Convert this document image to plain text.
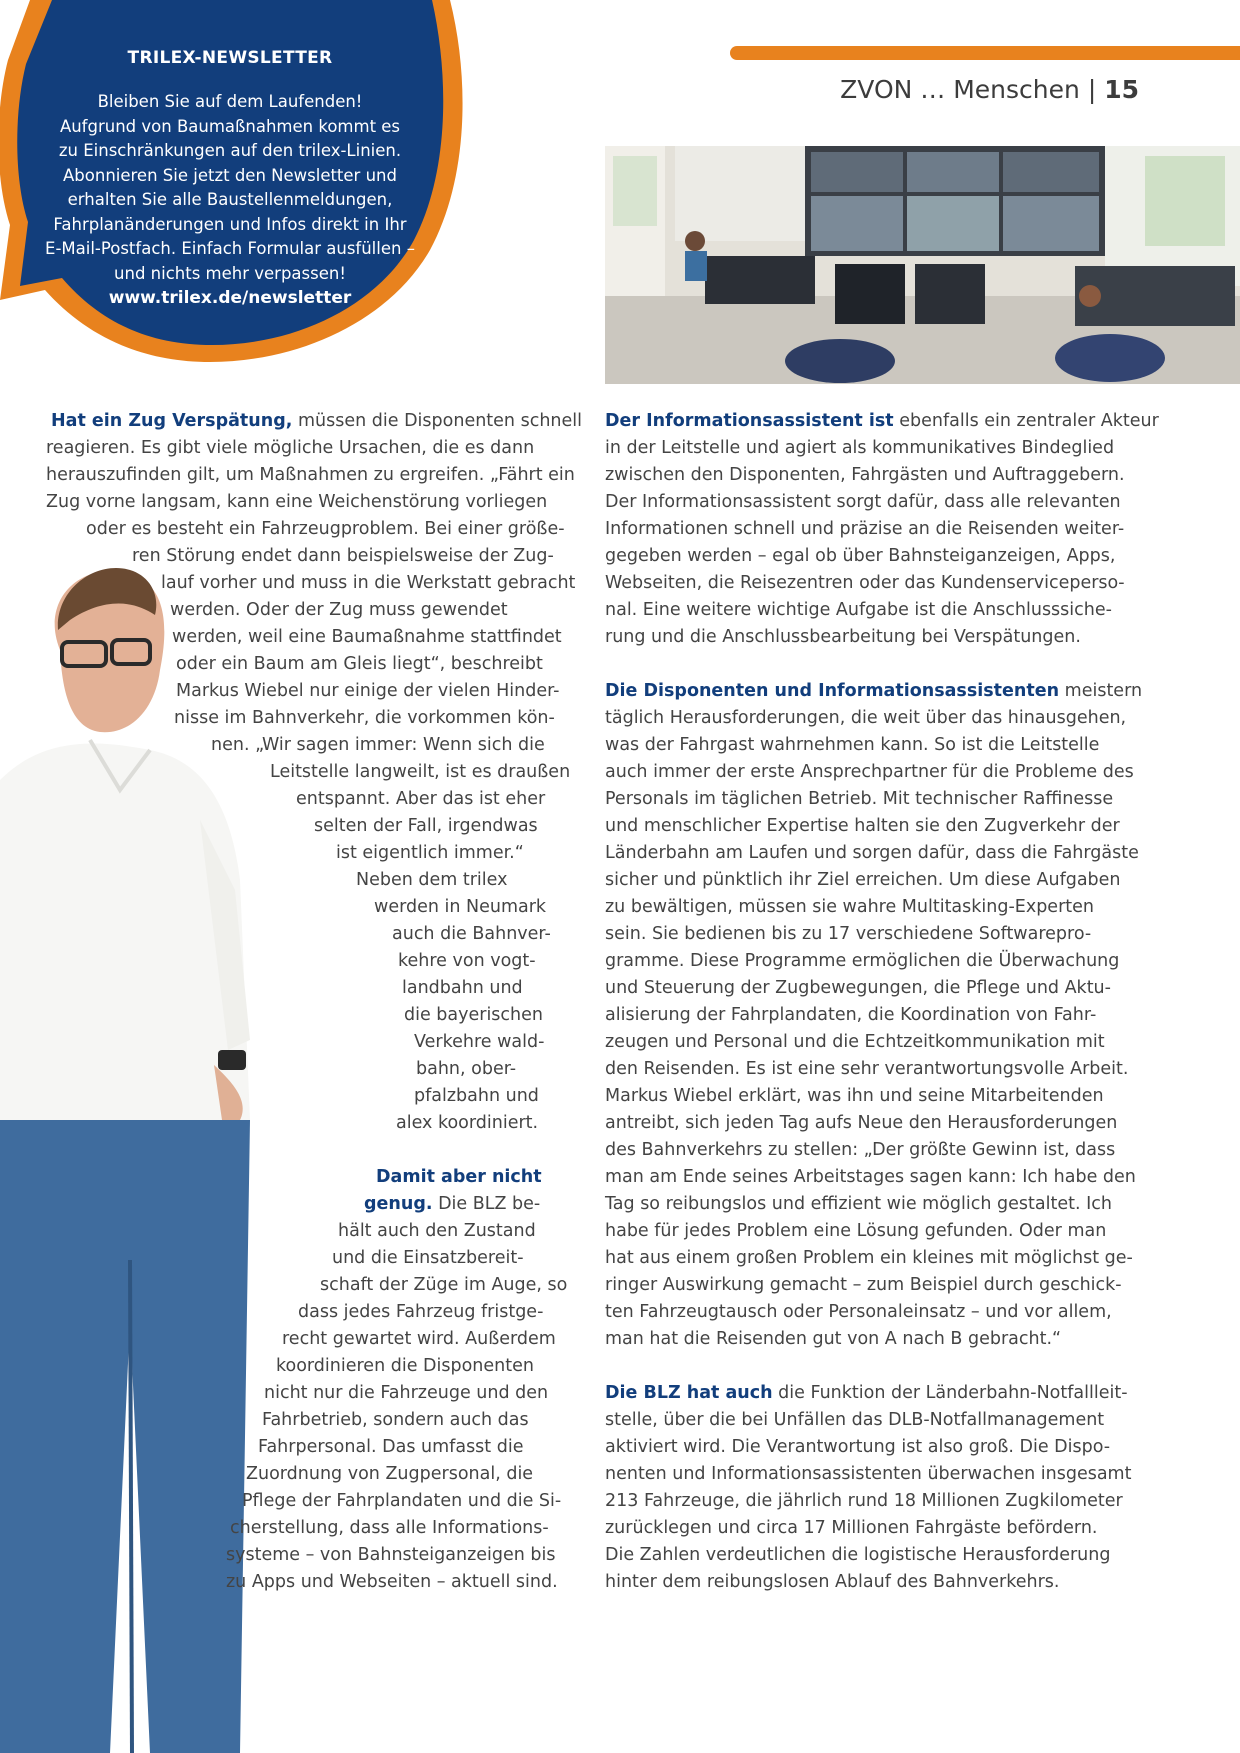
TRILEX-NEWSLETTER
Bleiben Sie auf dem Laufenden!
Aufgrund von Baumaßnahmen kommt es
zu Einschränkungen auf den trilex-Linien.
Abonnieren Sie jetzt den Newsletter und
erhalten Sie alle Baustellenmeldungen,
Fahrplanänderungen und Infos direkt in Ihr
E-Mail-Postfach. Einfach Formular ausfüllen –
und nichts mehr verpassen!
www.trilex.de/newsletter
ZVON … Menschen | 15

Hat ein Zug Verspätung, müssen die Disponenten schnell
reagieren. Es gibt viele mögliche Ursachen, die es dann
herauszufinden gilt, um Maßnahmen zu ergreifen. „Fährt ein
Zug vorne langsam, kann eine Weichenstörung vorliegen
oder es besteht ein Fahrzeugproblem. Bei einer größe-
ren Störung endet dann beispielsweise der Zug-
lauf vorher und muss in die Werkstatt gebracht
werden. Oder der Zug muss gewendet
werden, weil eine Baumaßnahme stattfindet
oder ein Baum am Gleis liegt“, beschreibt
Markus Wiebel nur einige der vielen Hinder-
nisse im Bahnverkehr, die vorkommen kön-
nen. „Wir sagen immer: Wenn sich die
Leitstelle langweilt, ist es draußen
entspannt. Aber das ist eher
selten der Fall, irgendwas
ist eigentlich immer.“
Neben dem trilex
werden in Neumark
auch die Bahnver-
kehre von vogt-
landbahn und
die bayerischen
Verkehre wald-
bahn, ober-
pfalzbahn und
alex koordiniert.

Damit aber nicht
genug. Die BLZ be-
hält auch den Zustand
und die Einsatzbereit-
schaft der Züge im Auge, so
dass jedes Fahrzeug fristge-
recht gewartet wird. Außerdem
koordinieren die Disponenten
nicht nur die Fahrzeuge und den
Fahrbetrieb, sondern auch das
Fahrpersonal. Das umfasst die
Zuordnung von Zugpersonal, die
Pflege der Fahrplandaten und die Si-
cherstellung, dass alle Informations-
systeme – von Bahnsteiganzeigen bis
zu Apps und Webseiten – aktuell sind.

Der Informationsassistent ist ebenfalls ein zentraler Akteur
in der Leitstelle und agiert als kommunikatives Bindeglied
zwischen den Disponenten, Fahrgästen und Auftraggebern.
Der Informationsassistent sorgt dafür, dass alle relevanten
Informationen schnell und präzise an die Reisenden weiter-
gegeben werden – egal ob über Bahnsteiganzeigen, Apps,
Webseiten, die Reisezentren oder das Kundenservicepersо-
nal. Eine weitere wichtige Aufgabe ist die Anschlusssiche-
rung und die Anschlussbearbeitung bei Verspätungen.

Die Disponenten und Informationsassistenten meistern
täglich Herausforderungen, die weit über das hinausgehen,
was der Fahrgast wahrnehmen kann. So ist die Leitstelle
auch immer der erste Ansprechpartner für die Probleme des
Personals im täglichen Betrieb. Mit technischer Raffinesse
und menschlicher Expertise halten sie den Zugverkehr der
Länderbahn am Laufen und sorgen dafür, dass die Fahrgäste
sicher und pünktlich ihr Ziel erreichen. Um diese Aufgaben
zu bewältigen, müssen sie wahre Multitasking-Experten
sein. Sie bedienen bis zu 17 verschiedene Softwarepro-
gramme. Diese Programme ermöglichen die Überwachung
und Steuerung der Zugbewegungen, die Pflege und Aktu-
alisierung der Fahrplandaten, die Koordination von Fahr-
zeugen und Personal und die Echtzeitkommunikation mit
den Reisenden. Es ist eine sehr verantwortungsvolle Arbeit.
Markus Wiebel erklärt, was ihn und seine Mitarbeitenden
antreibt, sich jeden Tag aufs Neue den Herausforderungen
des Bahnverkehrs zu stellen: „Der größte Gewinn ist, dass
man am Ende seines Arbeitstages sagen kann: Ich habe den
Tag so reibungslos und effizient wie möglich gestaltet. Ich
habe für jedes Problem eine Lösung gefunden. Oder man
hat aus einem großen Problem ein kleines mit möglichst ge-
ringer Auswirkung gemacht – zum Beispiel durch geschick-
ten Fahrzeugtausch oder Personaleinsatz – und vor allem,
man hat die Reisenden gut von A nach B gebracht.“

Die BLZ hat auch die Funktion der Länderbahn-Notfallleit-
stelle, über die bei Unfällen das DLB-Notfallmanagement
aktiviert wird. Die Verantwortung ist also groß. Die Dispo-
nenten und Informationsassistenten überwachen insgesamt
213 Fahrzeuge, die jährlich rund 18 Millionen Zugkilometer
zurücklegen und circa 17 Millionen Fahrgäste befördern.
Die Zahlen verdeutlichen die logistische Herausforderung
hinter dem reibungslosen Ablauf des Bahnverkehrs.
